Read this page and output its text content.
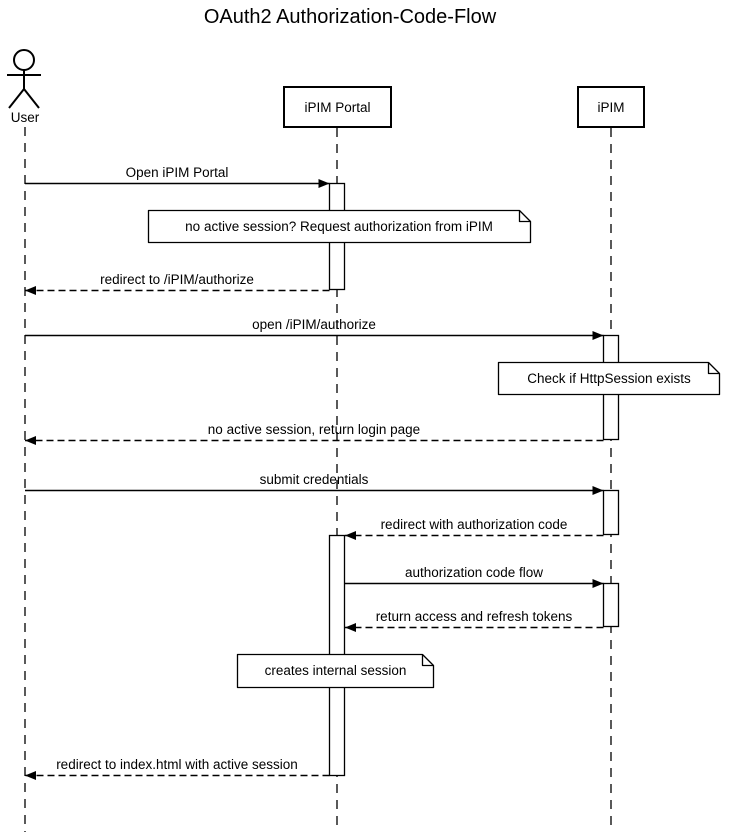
OAuth2 Authorization-Code-Flow
User
iPIM Portal	iPIM
Open iPIM Portal
redirect to /iPIM/authorize
open /iPIM/authorize
no active session, return login page
submit credentials
redirect with authorization code
authorization code flow
return access and refresh tokens
redirect to index.html with active session
no active session? Request authorization from iPIM
Check if HttpSession exists
creates internal session
